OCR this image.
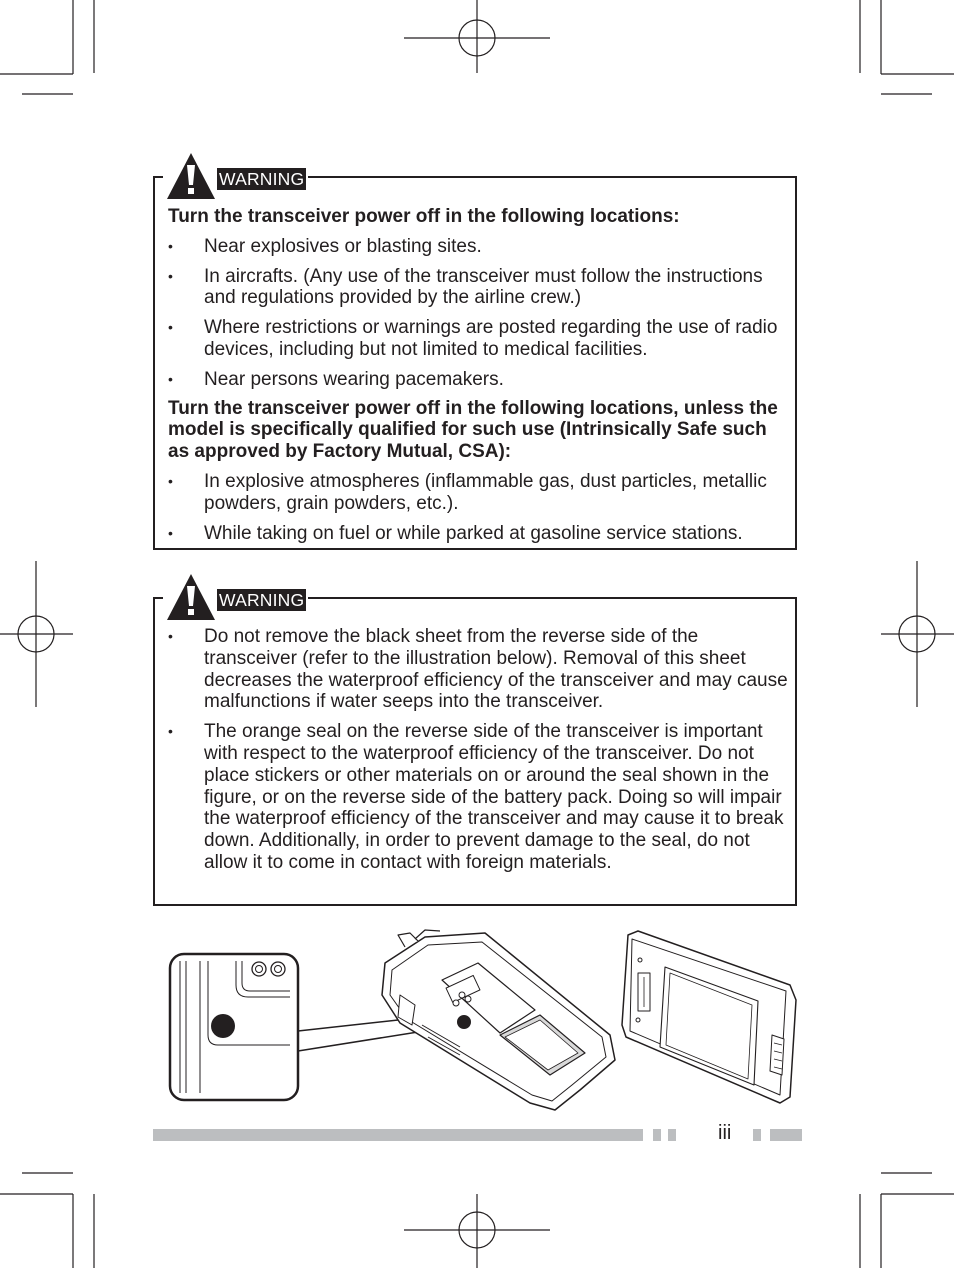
WARNING

Turn the transceiver power off in the following locations:

• Near explosives or blasting sites.
• In aircrafts. (Any use of the transceiver must follow the instructions and regulations provided by the airline crew.)
• Where restrictions or warnings are posted regarding the use of radio devices, including but not limited to medical facilities.
• Near persons wearing pacemakers.

Turn the transceiver power off in the following locations, unless the model is specifically qualified for such use (Intrinsically Safe such as approved by Factory Mutual, CSA):

• In explosive atmospheres (inflammable gas, dust particles, metallic powders, grain powders, etc.).
• While taking on fuel or while parked at gasoline service stations.
WARNING
• Do not remove the black sheet from the reverse side of the transceiver (refer to the illustration below). Removal of this sheet decreases the waterproof efficiency of the transceiver and may cause malfunctions if water seeps into the transceiver.
• The orange seal on the reverse side of the transceiver is important with respect to the waterproof efficiency of the transceiver. Do not place stickers or other materials on or around the seal shown in the figure, or on the reverse side of the battery pack. Doing so will impair the waterproof efficiency of the transceiver and may cause it to break down. Additionally, in order to prevent damage to the seal, do not allow it to come in contact with foreign materials.
iii
